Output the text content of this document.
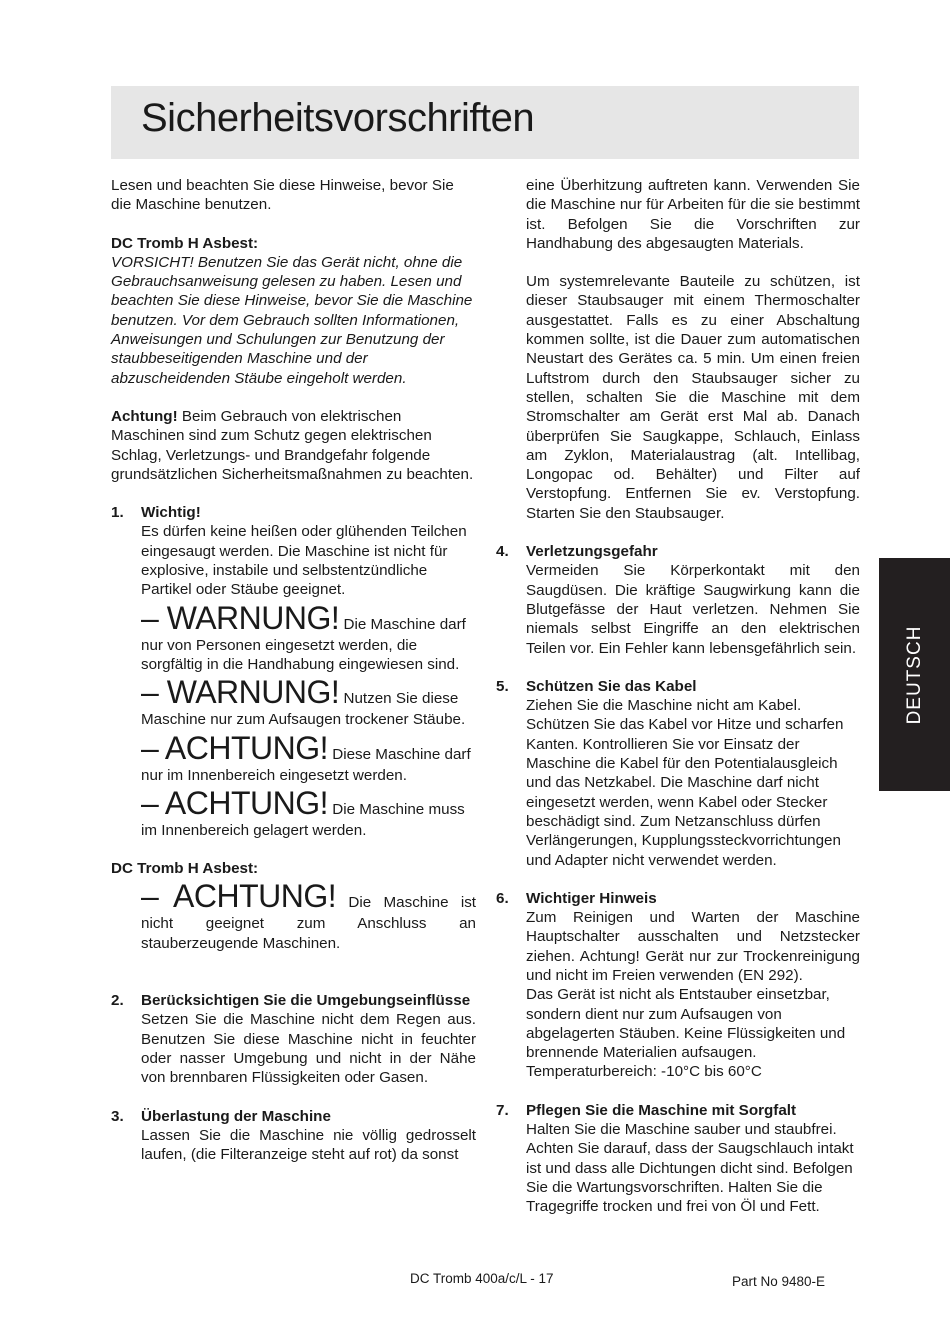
Sicherheitsvorschriften

Lesen und beachten Sie diese Hinweise, bevor Sie die Maschine benutzen.

DC Tromb H Asbest:

VORSICHT! Benutzen Sie das Gerät nicht, ohne die Gebrauchsanweisung gelesen zu haben. Lesen und beachten Sie diese Hinweise, bevor Sie die Maschine benutzen. Vor dem Gebrauch sollten Informationen, Anweisungen und Schulungen zur Benutzung der staubbeseitigenden Maschine und der abzuscheidenden Stäube eingeholt werden.

Achtung! Beim Gebrauch von elektrischen Maschinen sind zum Schutz gegen elektrischen Schlag, Verletzungs- und Brandgefahr folgende grundsätzlichen Sicherheitsmaßnahmen zu beachten.

1. Wichtig!

Es dürfen keine heißen oder glühenden Teilchen eingesaugt werden. Die Maschine ist nicht für explosive, instabile und selbstentzündliche Partikel oder Stäube geeignet.

– WARNUNG! Die Maschine darf nur von Personen eingesetzt werden, die sorgfältig in die Handhabung eingewiesen sind.

– WARNUNG! Nutzen Sie diese Maschine nur zum Aufsaugen trockener Stäube.

– ACHTUNG! Diese Maschine darf nur im Innenbereich eingesetzt werden.

– ACHTUNG! Die Maschine muss im Innenbereich gelagert werden.

DC Tromb H Asbest:

– ACHTUNG! Die Maschine ist nicht geeignet zum Anschluss an stauberzeugende Maschinen.

2. Berücksichtigen Sie die Umgebungseinflüsse

Setzen Sie die Maschine nicht dem Regen aus. Benutzen Sie diese Maschine nicht in feuchter oder nasser Umgebung und nicht in der Nähe von brennbaren Flüssigkeiten oder Gasen.

3. Überlastung der Maschine

Lassen Sie die Maschine nie völlig gedrosselt laufen, (die Filteranzeige steht auf rot) da sonst

eine Überhitzung auftreten kann. Verwenden Sie die Maschine nur für Arbeiten für die sie bestimmt ist. Befolgen Sie die Vorschriften zur Handhabung des abgesaugten Materials.

Um systemrelevante Bauteile zu schützen, ist dieser Staubsauger mit einem Thermoschalter ausgestattet. Falls es zu einer Abschaltung kommen sollte, ist die Dauer zum automatischen Neustart des Gerätes ca. 5 min. Um einen freien Luftstrom durch den Staubsauger sicher zu stellen, schalten Sie die Maschine mit dem Stromschalter am Gerät erst Mal ab. Danach überprüfen Sie Saugkappe, Schlauch, Einlass am Zyklon, Materialaustrag (alt. Intellibag, Longopac od. Behälter) und Filter auf Verstopfung. Entfernen Sie ev. Verstopfung. Starten Sie den Staubsauger.

4. Verletzungsgefahr

Vermeiden Sie Körperkontakt mit den Saugdüsen. Die kräftige Saugwirkung kann die Blutgefässe der Haut verletzen. Nehmen Sie niemals selbst Eingriffe an den elektrischen Teilen vor. Ein Fehler kann lebensgefährlich sein.

5. Schützen Sie das Kabel

Ziehen Sie die Maschine nicht am Kabel. Schützen Sie das Kabel vor Hitze und scharfen Kanten. Kontrollieren Sie vor Einsatz der Maschine die Kabel für den Potentialausgleich und das Netzkabel. Die Maschine darf nicht eingesetzt werden, wenn Kabel oder Stecker beschädigt sind. Zum Netzanschluss dürfen Verlängerungen, Kupplungssteckvorrichtungen und Adapter nicht verwendet werden.

6. Wichtiger Hinweis

Zum Reinigen und Warten der Maschine Hauptschalter ausschalten und Netzstecker ziehen. Achtung! Gerät nur zur Trockenreinigung und nicht im Freien verwenden (EN 292).

Das Gerät ist nicht als Entstauber einsetzbar, sondern dient nur zum Aufsaugen von abgelagerten Stäuben. Keine Flüssigkeiten und brennende Materialien aufsaugen.

Temperaturbereich: -10°C bis 60°C

7. Pflegen Sie die Maschine mit Sorgfalt

Halten Sie die Maschine sauber und staubfrei. Achten Sie darauf, dass der Saugschlauch intakt ist und dass alle Dichtungen dicht sind. Befolgen Sie die Wartungsvorschriften. Halten Sie die Tragegriffe trocken und frei von Öl und Fett.

DEUTSCH
DC Tromb 400a/c/L - 17	Part No 9480-E
